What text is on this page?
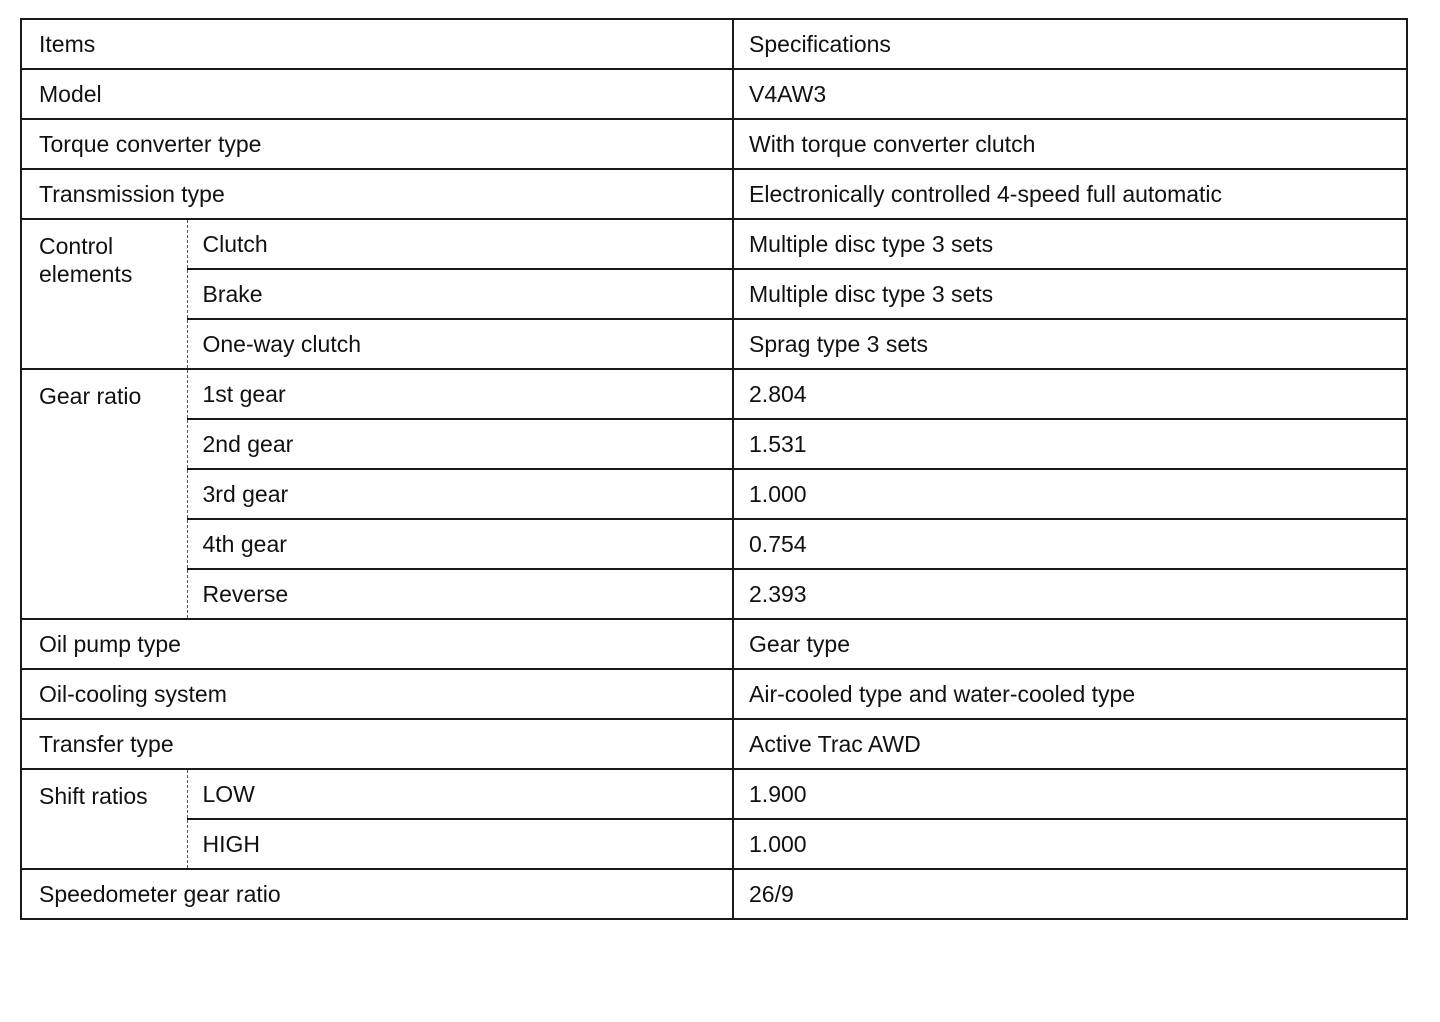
Items		Specifications
Model		V4AW3
Torque converter type		With torque converter clutch
Transmission type		Electronically controlled 4-speed full automatic
Control elements	Clutch	Multiple disc type 3 sets
	Brake	Multiple disc type 3 sets
	One-way clutch	Sprag type 3 sets
Gear ratio	1st gear	2.804
	2nd gear	1.531
	3rd gear	1.000
	4th gear	0.754
	Reverse	2.393
Oil pump type		Gear type
Oil-cooling system		Air-cooled type and water-cooled type
Transfer type		Active Trac AWD
Shift ratios	LOW	1.900
	HIGH	1.000
Speedometer gear ratio		26/9
